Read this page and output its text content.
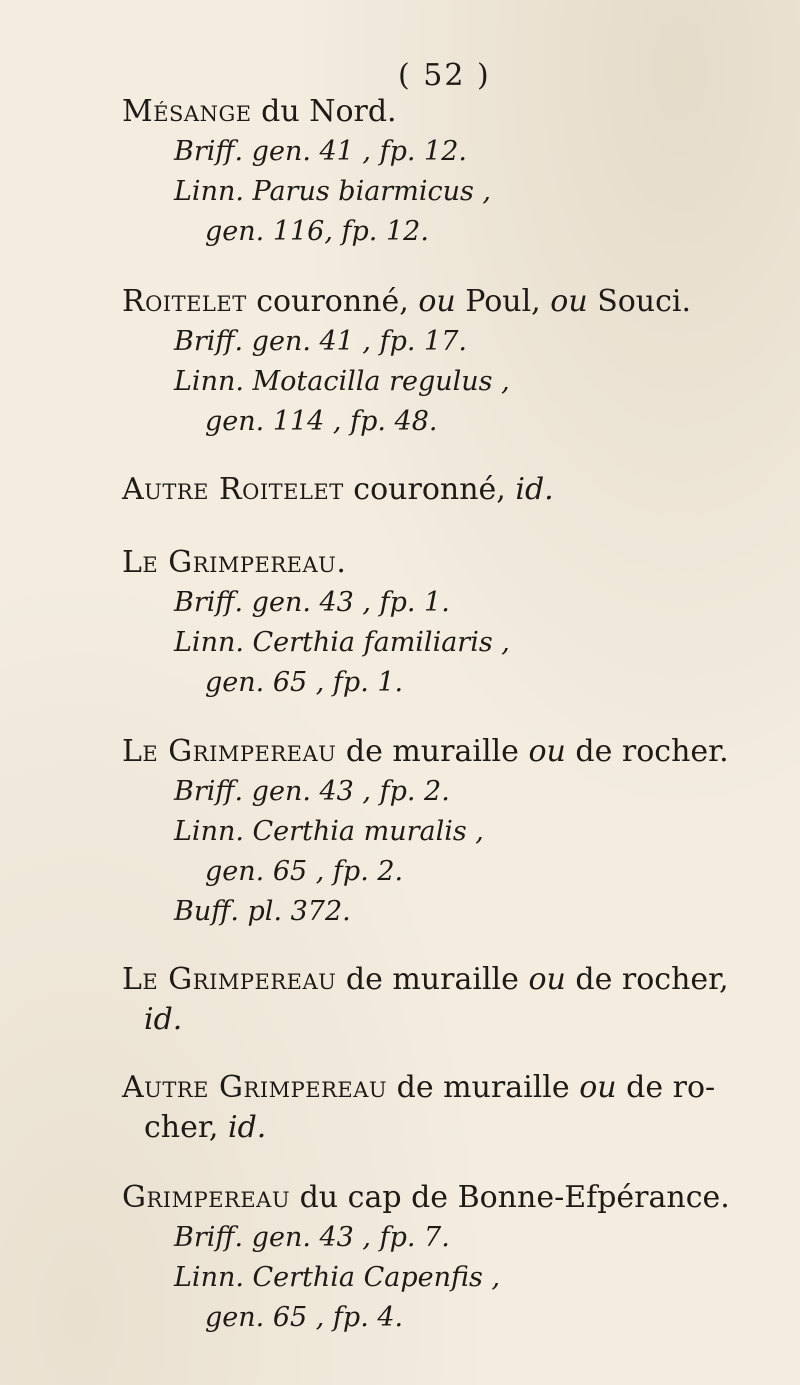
( 52 )
Mésange du Nord.
Briff. gen. 41 , fp. 12.
Linn. Parus biarmicus ,
gen. 116, fp. 12.
Roitelet couronné, ou Poul, ou Souci.
Briff. gen. 41 , fp. 17.
Linn. Motacilla regulus ,
gen. 114 , fp. 48.
Autre Roitelet couronné, id.
Le Grimpereau.
Briff. gen. 43 , fp. 1.
Linn. Certhia familiaris ,
gen. 65 , fp. 1.
Le Grimpereau de muraille ou de rocher.
Briff. gen. 43 , fp. 2.
Linn. Certhia muralis ,
gen. 65 , fp. 2.
Buff. pl. 372.
Le Grimpereau de muraille ou de rocher,
id.
Autre Grimpereau de muraille ou de ro-
cher, id.
Grimpereau du cap de Bonne-Efpérance.
Briff. gen. 43 , fp. 7.
Linn. Certhia Capenfis ,
gen. 65 , fp. 4.
